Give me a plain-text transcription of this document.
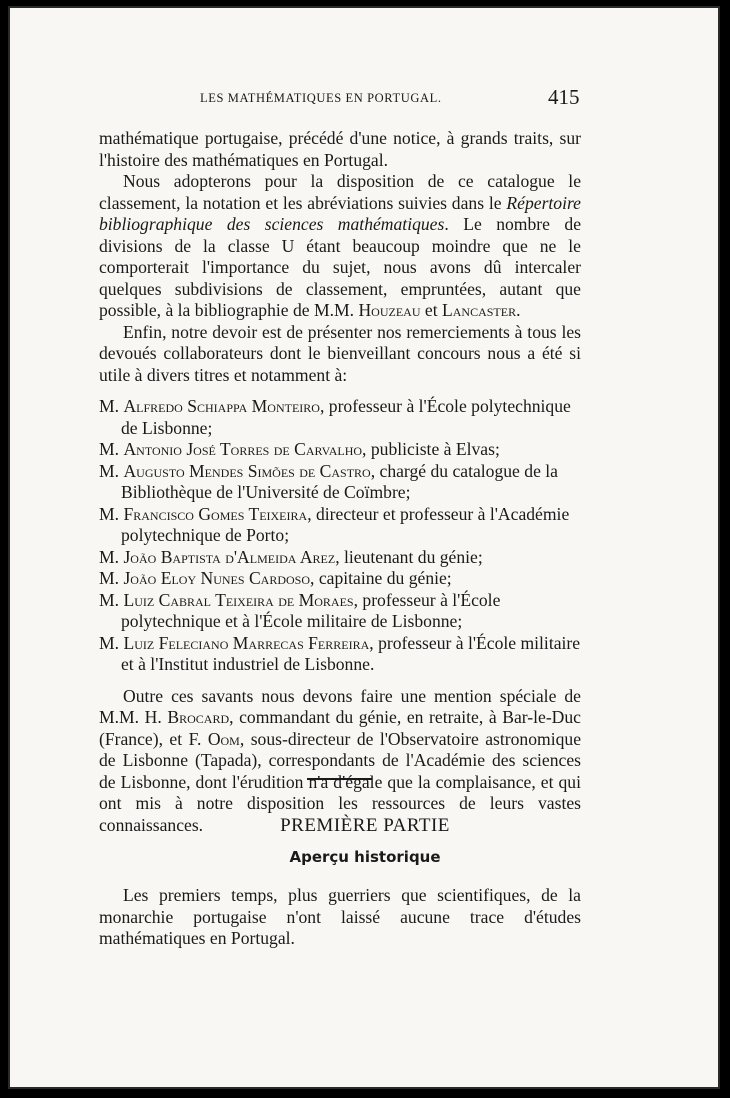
LES MATHÉMATIQUES EN PORTUGAL.	415

mathématique portugaise, précédé d'une notice, à grands traits, sur l'histoire des mathématiques en Portugal.

Nous adopterons pour la disposition de ce catalogue le classement, la notation et les abréviations suivies dans le Répertoire bibliographique des sciences mathématiques. Le nombre de divisions de la classe U étant beaucoup moindre que ne le comporterait l'importance du sujet, nous avons dû intercaler quelques subdivisions de classement, empruntées, autant que possible, à la bibliographie de M.M. Houzeau et Lancaster.

Enfin, notre devoir est de présenter nos remerciements à tous les devoués collaborateurs dont le bienveillant concours nous a été si utile à divers titres et notamment à:

M. Alfredo Schiappa Monteiro, professeur à l'École polytechnique de Lisbonne;
M. Antonio José Torres de Carvalho, publiciste à Elvas;
M. Augusto Mendes Simões de Castro, chargé du catalogue de la Bibliothèque de l'Université de Coïmbre;
M. Francisco Gomes Teixeira, directeur et professeur à l'Académie polytechnique de Porto;
M. João Baptista d'Almeida Arez, lieutenant du génie;
M. João Eloy Nunes Cardoso, capitaine du génie;
M. Luiz Cabral Teixeira de Moraes, professeur à l'École polytechnique et à l'École militaire de Lisbonne;
M. Luiz Feleciano Marrecas Ferreira, professeur à l'École militaire et à l'Institut industriel de Lisbonne.

Outre ces savants nous devons faire une mention spéciale de M.M. H. Brocard, commandant du génie, en retraite, à Bar-le-Duc (France), et F. Oom, sous-directeur de l'Observatoire astronomique de Lisbonne (Tapada), correspondants de l'Académie des sciences de Lisbonne, dont l'érudition n'a d'égale que la complaisance, et qui ont mis à notre disposition les ressources de leurs vastes connaissances.	PREMIÈRE PARTIE
Aperçu historique

Les premiers temps, plus guerriers que scientifiques, de la monarchie portugaise n'ont laissé aucune trace d'études mathématiques en Portugal.
